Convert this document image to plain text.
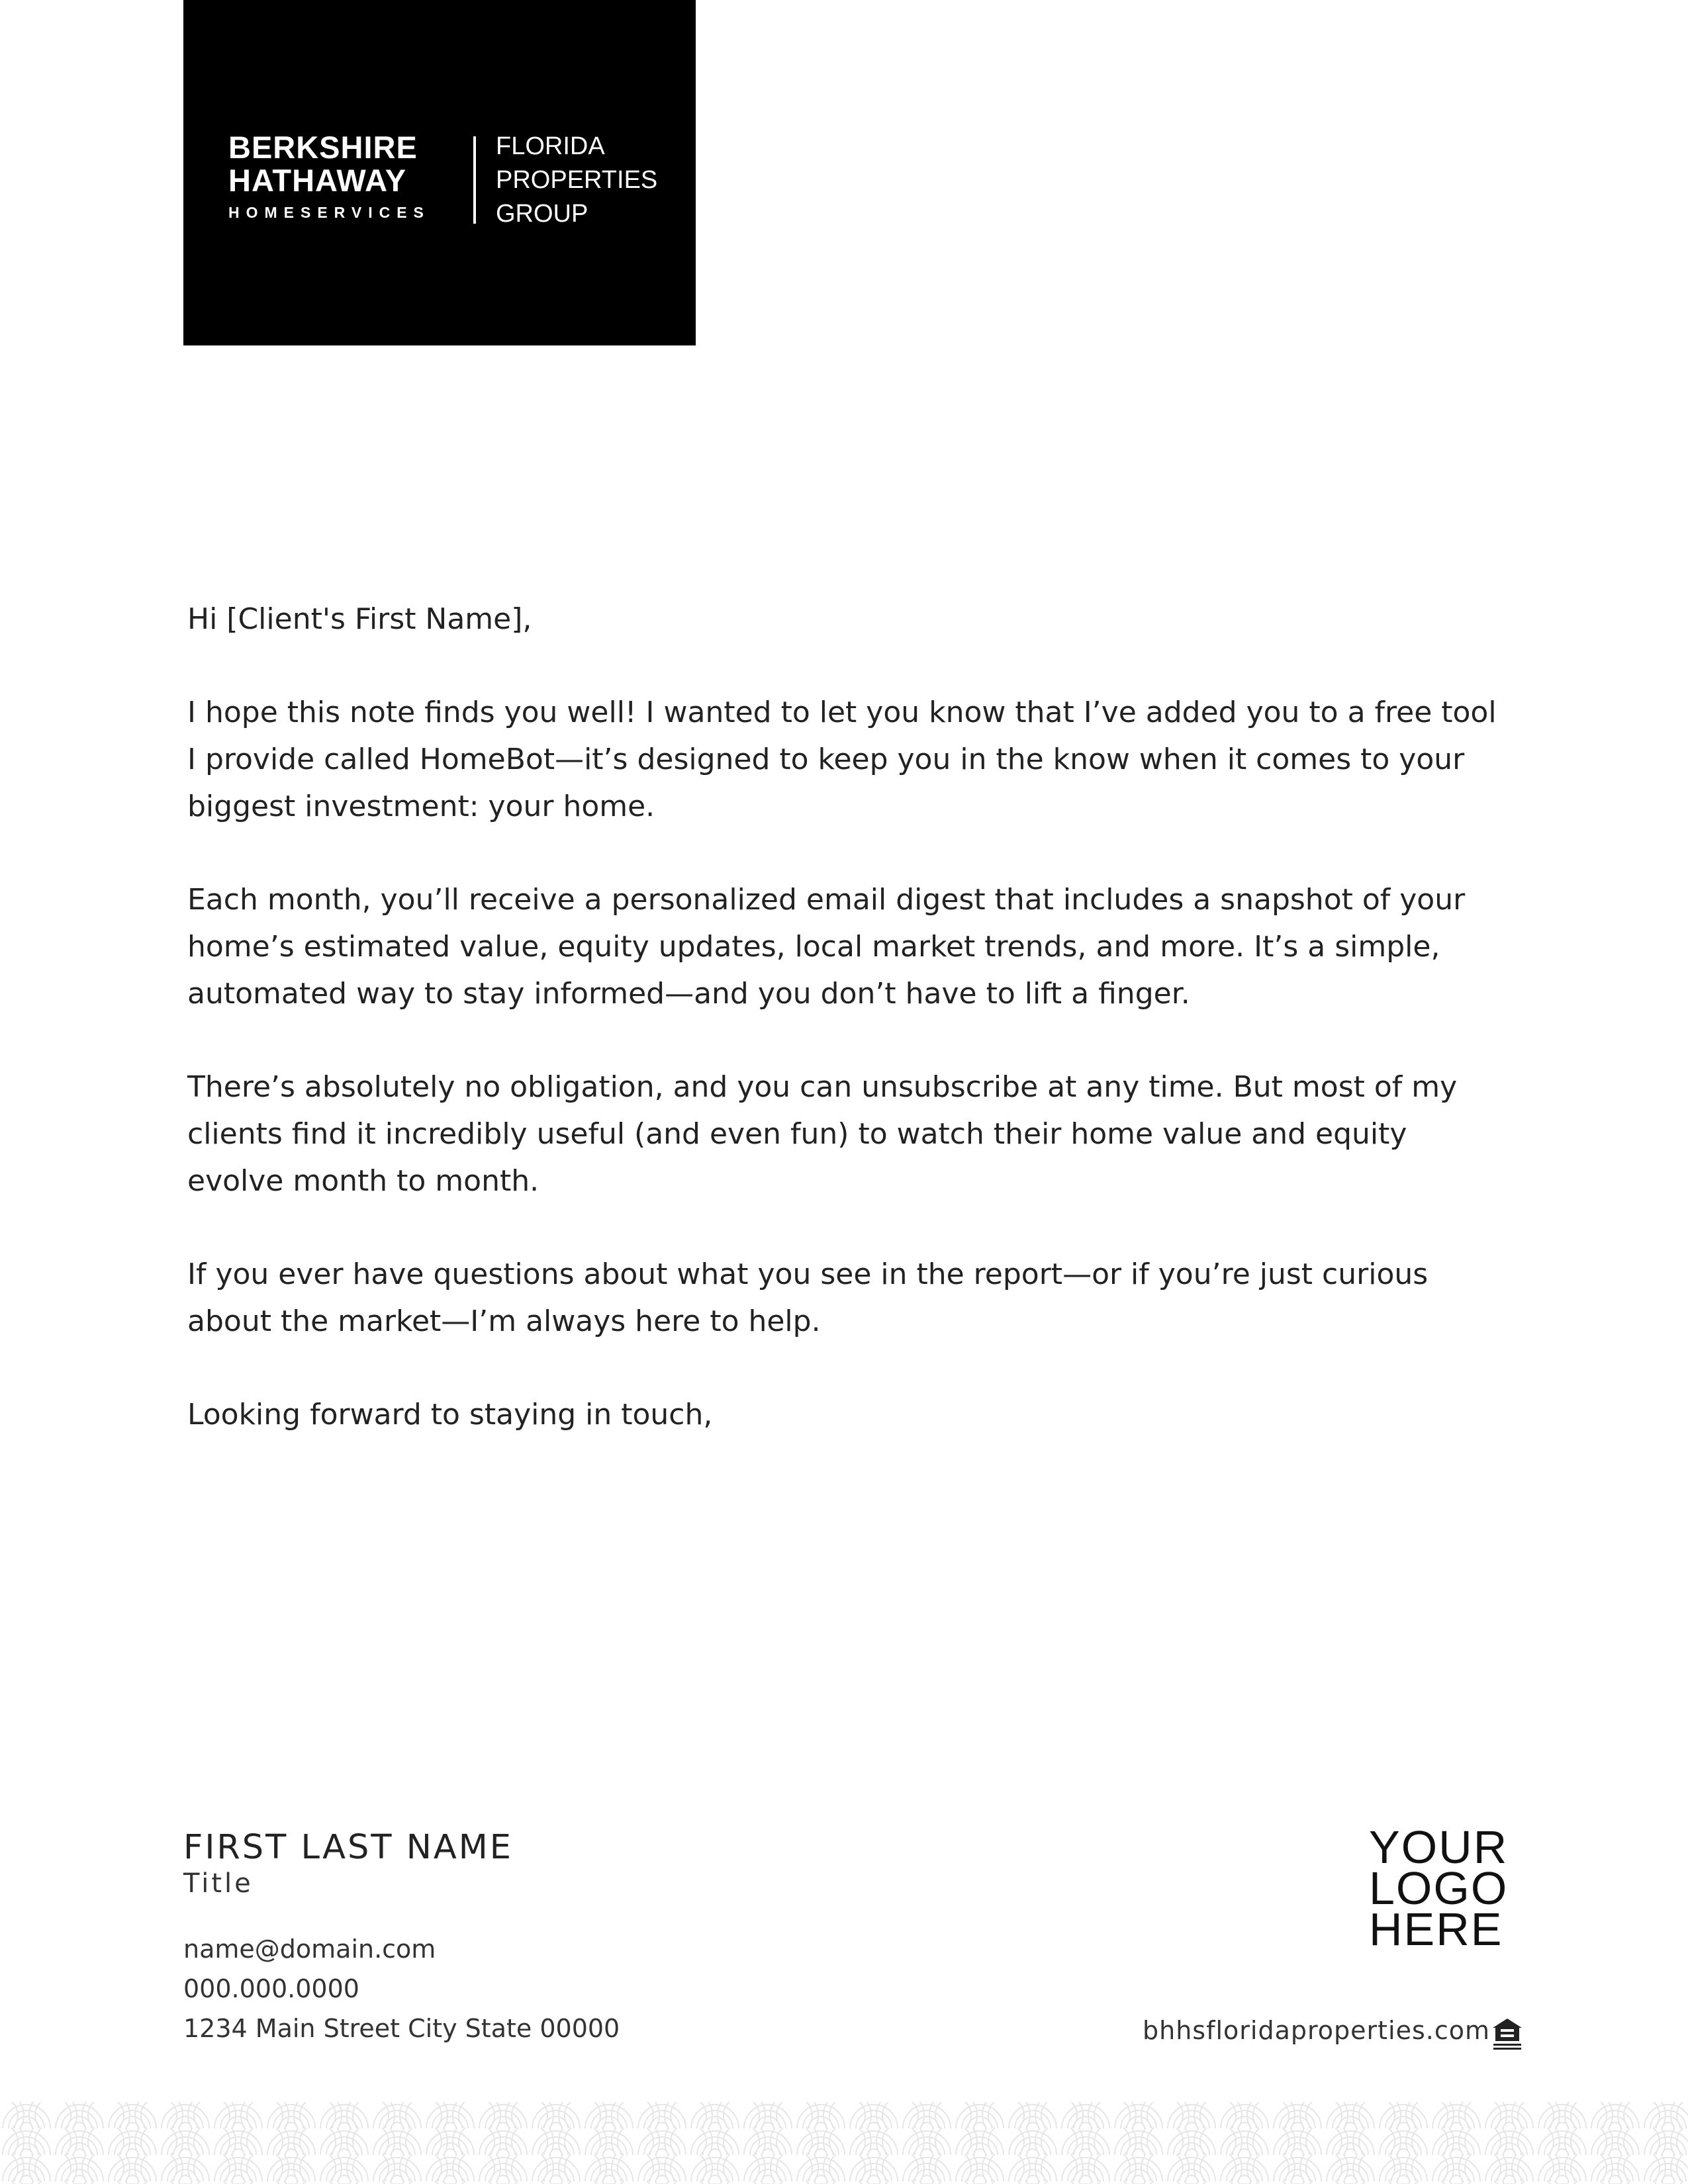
BERKSHIRE
HATHAWAY
HOMESERVICES
FLORIDA
PROPERTIES
GROUP

Hi [Client's First Name],

I hope this note finds you well! I wanted to let you know that I’ve added you to a free tool I provide called HomeBot—it’s designed to keep you in the know when it comes to your biggest investment: your home.

Each month, you’ll receive a personalized email digest that includes a snapshot of your home’s estimated value, equity updates, local market trends, and more. It’s a simple, automated way to stay informed—and you don’t have to lift a finger.

There’s absolutely no obligation, and you can unsubscribe at any time. But most of my clients find it incredibly useful (and even fun) to watch their home value and equity evolve month to month.

If you ever have questions about what you see in the report—or if you’re just curious about the market—I’m always here to help.

Looking forward to staying in touch,

FIRST LAST NAME
Title
name@domain.com
000.000.0000
1234 Main Street City State 00000
YOUR
LOGO
HERE
bhhsfloridaproperties.com
